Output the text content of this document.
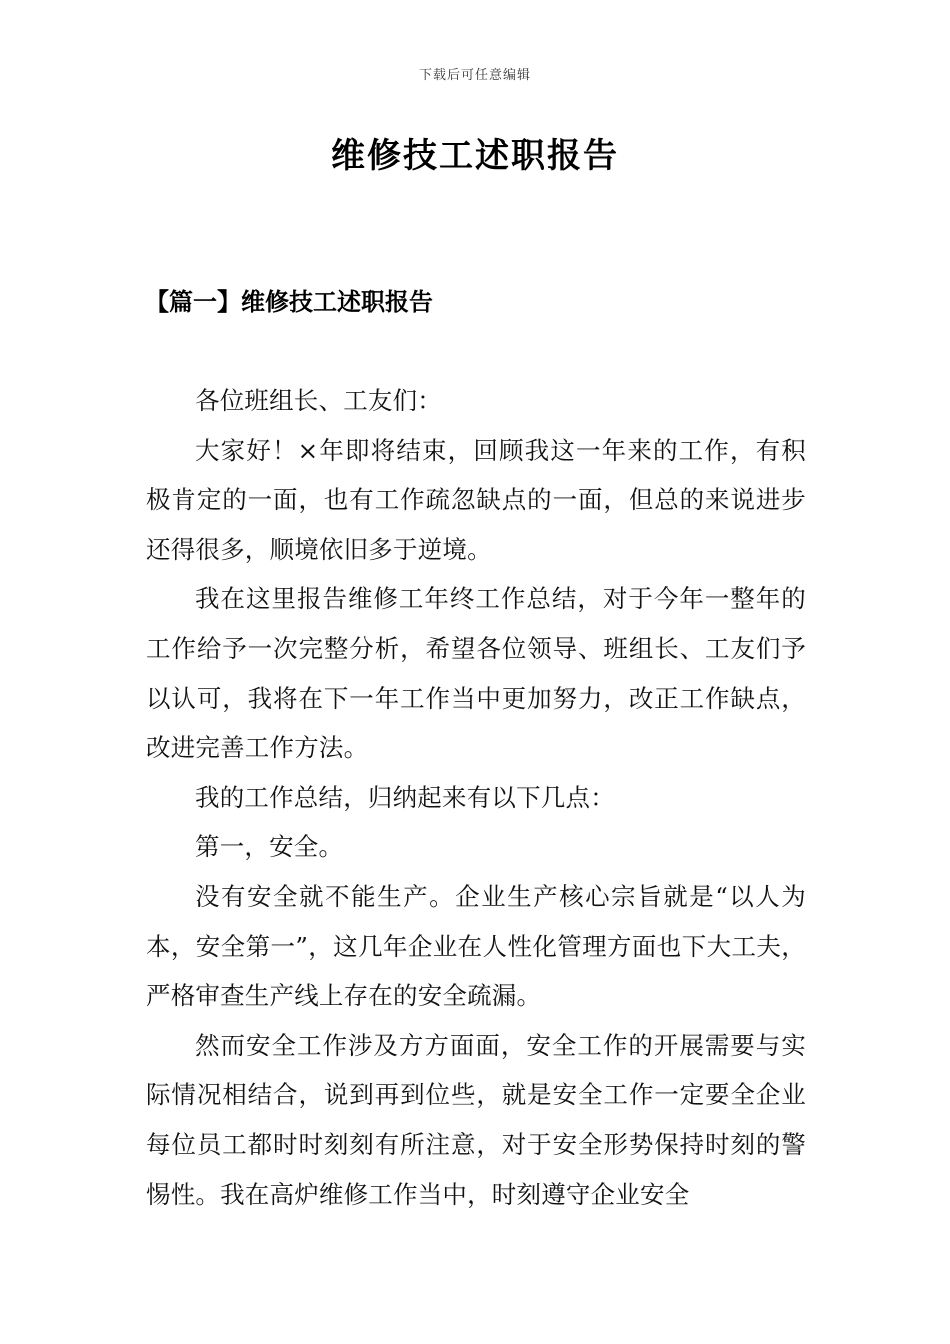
下载后可任意编辑
维修技工述职报告
【篇一】维修技工述职报告

各位班组长、工友们：

大家好！×年即将结束，回顾我这一年来的工作，有积极肯定的一面，也有工作疏忽缺点的一面，但总的来说进步还得很多，顺境依旧多于逆境。

我在这里报告维修工年终工作总结，对于今年一整年的工作给予一次完整分析，希望各位领导、班组长、工友们予以认可，我将在下一年工作当中更加努力，改正工作缺点，改进完善工作方法。

我的工作总结，归纳起来有以下几点：

第一，安全。

没有安全就不能生产。企业生产核心宗旨就是“以人为本，安全第一”，这几年企业在人性化管理方面也下大工夫，严格审查生产线上存在的安全疏漏。

然而安全工作涉及方方面面，安全工作的开展需要与实际情况相结合，说到再到位些，就是安全工作一定要全企业每位员工都时时刻刻有所注意，对于安全形势保持时刻的警惕性。我在高炉维修工作当中，时刻遵守企业安全
